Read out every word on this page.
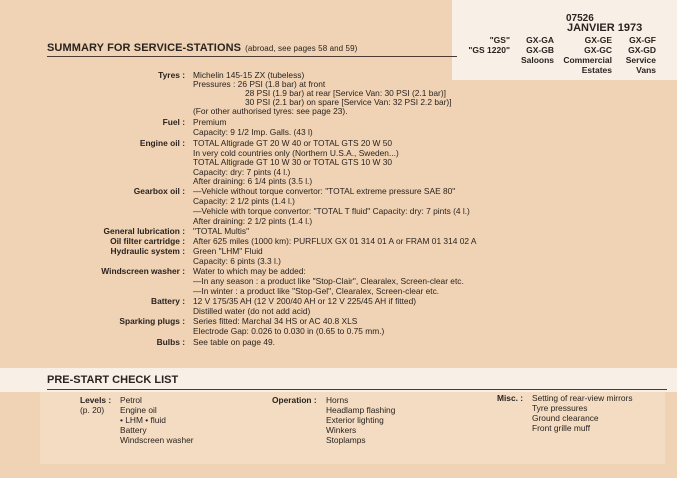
07526
JANVIER 1973
"GS"
"GS 1220"
GX-GA
GX-GB
Saloons
GX-GE
GX-GC
Commercial
Estates
GX-GF
GX-GD
Service
Vans
SUMMARY FOR SERVICE-STATIONS (abroad, see pages 58 and 59)
Tyres : Michelin 145-15 ZX (tubeless)
Pressures : 26 PSI (1.8 bar) at front
28 PSI (1.9 bar) at rear [Service Van: 30 PSI (2.1 bar)]
30 PSI (2.1 bar) on spare [Service Van: 32 PSI 2.2 bar)]
(For other authorised tyres: see page 23).
Fuel : Premium
Capacity: 9 1/2 Imp. Galls. (43 l)
Engine oil : TOTAL Altigrade GT 20 W 40 or TOTAL GTS 20 W 50
In very cold countries only (Northern U.S.A., Sweden...)
TOTAL Altigrade GT 10 W 30 or TOTAL GTS 10 W 30
Capacity: dry: 7 pints (4 l.)
After draining: 6 1/4 pints (3.5 l.)
Gearbox oil : —Vehicle without torque convertor: "TOTAL extreme pressure SAE 80"
Capacity: 2 1/2 pints (1.4 l.)
—Vehicle with torque convertor: "TOTAL T fluid" Capacity: dry: 7 pints (4 l.)
After draining: 2 1/2 pints (1.4 l.)
General lubrication : "TOTAL Multis"
Oil filter cartridge : After 625 miles (1000 km): PURFLUX GX 01 314 01 A or FRAM 01 314 02 A
Hydraulic system : Green "LHM" Fluid
Capacity: 6 pints (3.3 l.)
Windscreen washer : Water to which may be added:
—In any season : a product like "Stop-Clair", Clearalex, Screen-clear etc.
—In winter : a product like "Stop-Gel", Clearalex, Screen-clear etc.
Battery : 12 V 175/35 AH (12 V 200/40 AH or 12 V 225/45 AH if fitted)
Distilled water (do not add acid)
Sparking plugs : Series fitted: Marchal 34 HS or AC 40.8 XLS
Electrode Gap: 0.026 to 0.030 in (0.65 to 0.75 mm.)
Bulbs : See table on page 49.
PRE-START CHECK LIST
Levels :
(p. 20)
Petrol
Engine oil
• LHM • fluid
Battery
Windscreen washer
Operation : Horns
Headlamp flashing
Exterior lighting
Winkers
Stoplamps
Misc. : Setting of rear-view mirrors
Tyre pressures
Ground clearance
Front grille muff
